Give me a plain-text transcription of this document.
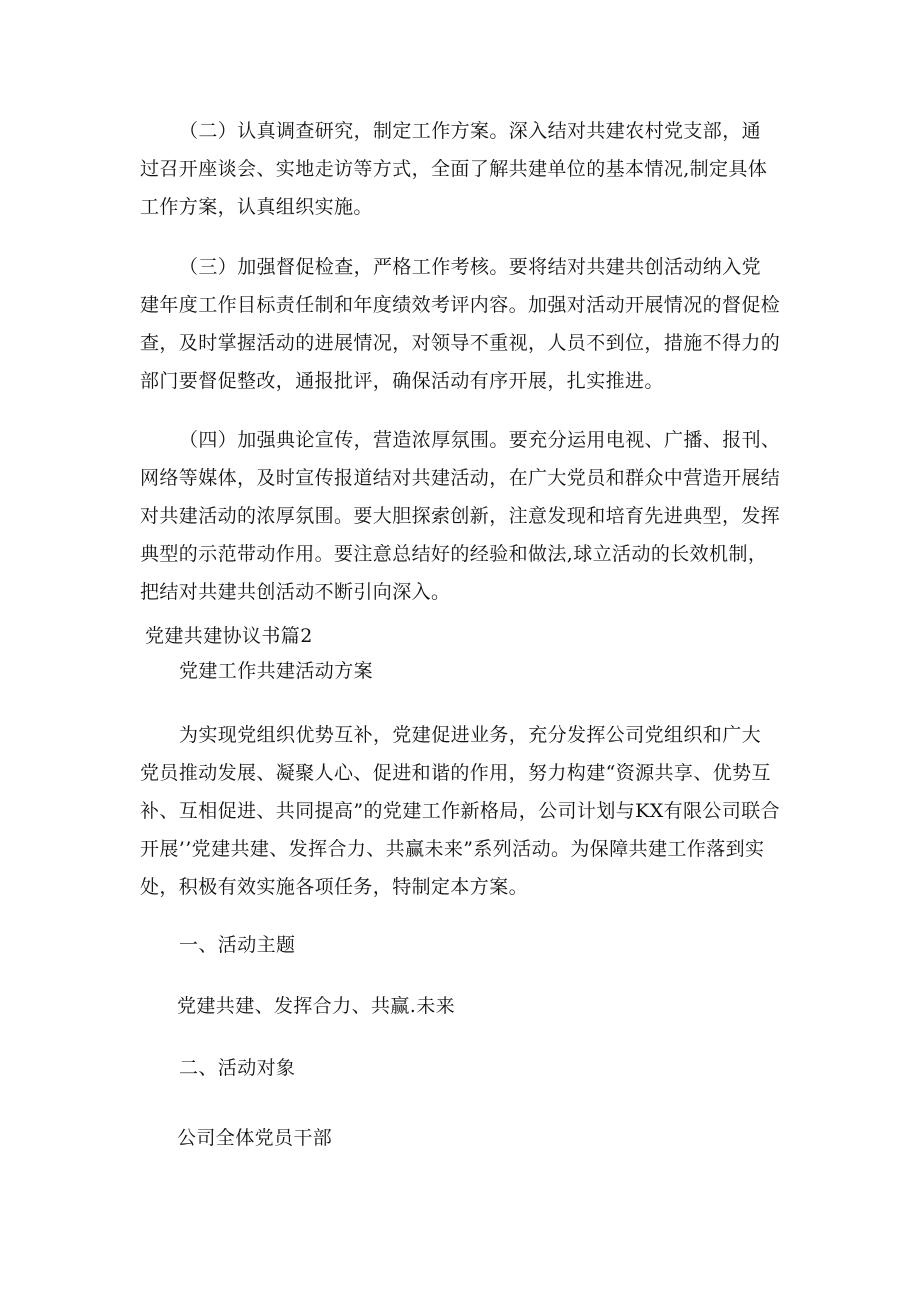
（二）认真调查研究，制定工作方案。深入结对共建农村党支部，通
过召开座谈会、实地走访等方式，全面了解共建单位的基本情况,制定具体
工作方案，认真组织实施。
（三）加强督促检查，严格工作考核。要将结对共建共创活动纳入党
建年度工作目标责任制和年度绩效考评内容。加强对活动开展情况的督促检
查，及时掌握活动的进展情况，对领导不重视，人员不到位，措施不得力的
部门要督促整改，通报批评，确保活动有序开展，扎实推进。
（四）加强典论宣传，营造浓厚氛围。要充分运用电视、广播、报刊、
网络等媒体，及时宣传报道结对共建活动，在广大党员和群众中营造开展结
对共建活动的浓厚氛围。要大胆探索创新，注意发现和培育先进典型，发挥
典型的示范带动作用。要注意总结好的经验和做法,球立活动的长效机制，
把结对共建共创活动不断引向深入。

党建共建协议书篇2

党建工作共建活动方案

为实现党组织优势互补，党建促进业务，充分发挥公司党组织和广大
党员推动发展、凝聚人心、促进和谐的作用，努力构建“资源共享、优势互
补、互相促进、共同提高”的党建工作新格局，公司计划与KX有限公司联合
开展’’党建共建、发挥合力、共赢未来”系列活动。为保障共建工作落到实
处，积极有效实施各项任务，特制定本方案。

一、活动主题

党建共建、发挥合力、共赢.未来

二、活动对象

公司全体党员干部
